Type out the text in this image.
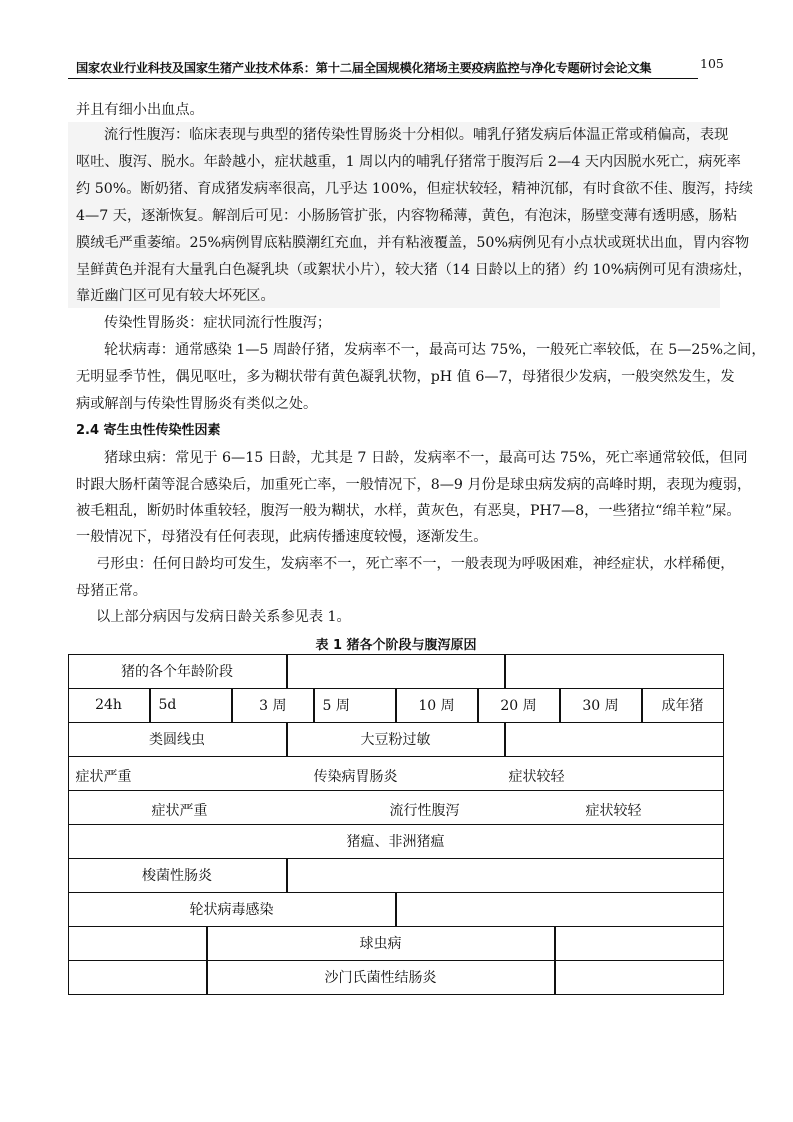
国家农业行业科技及国家生猪产业技术体系：第十二届全国规模化猪场主要疫病监控与净化专题研讨会论文集	105
并且有细小出血点。
流行性腹泻：临床表现与典型的猪传染性胃肠炎十分相似。哺乳仔猪发病后体温正常或稍偏高，表现
呕吐、腹泻、脱水。年龄越小，症状越重，1 周以内的哺乳仔猪常于腹泻后 2—4 天内因脱水死亡，病死率
约 50%。断奶猪、育成猪发病率很高，几乎达 100%，但症状较轻，精神沉郁，有时食欲不佳、腹泻，持续
4—7 天，逐渐恢复。解剖后可见：小肠肠管扩张，内容物稀薄，黄色，有泡沫，肠壁变薄有透明感，肠粘
膜绒毛严重萎缩。25%病例胃底粘膜潮红充血，并有粘液覆盖，50%病例见有小点状或斑状出血，胃内容物
呈鲜黄色并混有大量乳白色凝乳块（或絮状小片），较大猪（14 日龄以上的猪）约 10%病例可见有溃疡灶，
靠近幽门区可见有较大坏死区。
传染性胃肠炎：症状同流行性腹泻；
轮状病毒：通常感染 1—5 周龄仔猪，发病率不一，最高可达 75%，一般死亡率较低，在 5—25%之间，
无明显季节性，偶见呕吐，多为糊状带有黄色凝乳状物，pH 值 6—7，母猪很少发病，一般突然发生，发
病或解剖与传染性胃肠炎有类似之处。
2.4 寄生虫性传染性因素
猪球虫病：常见于 6—15 日龄，尤其是 7 日龄，发病率不一，最高可达 75%，死亡率通常较低，但同
时跟大肠杆菌等混合感染后，加重死亡率，一般情况下，8—9 月份是球虫病发病的高峰时期，表现为瘦弱，
被毛粗乱，断奶时体重较轻，腹泻一般为糊状，水样，黄灰色，有恶臭，PH7—8，一些猪拉“绵羊粒”屎。
一般情况下，母猪没有任何表现，此病传播速度较慢，逐渐发生。
弓形虫：任何日龄均可发生，发病率不一，死亡率不一，一般表现为呼吸困难，神经症状，水样稀便，
母猪正常。
以上部分病因与发病日龄关系参见表 1。
表 1 猪各个阶段与腹泻原因
猪的各个年龄阶段
24h	5d	3 周	5 周	10 周	20 周	30 周	成年猪
类圆线虫	大豆粉过敏
症状严重	传染病胃肠炎	症状较轻
症状严重	流行性腹泻	症状较轻
猪瘟、非洲猪瘟
梭菌性肠炎
轮状病毒感染
球虫病
沙门氏菌性结肠炎
